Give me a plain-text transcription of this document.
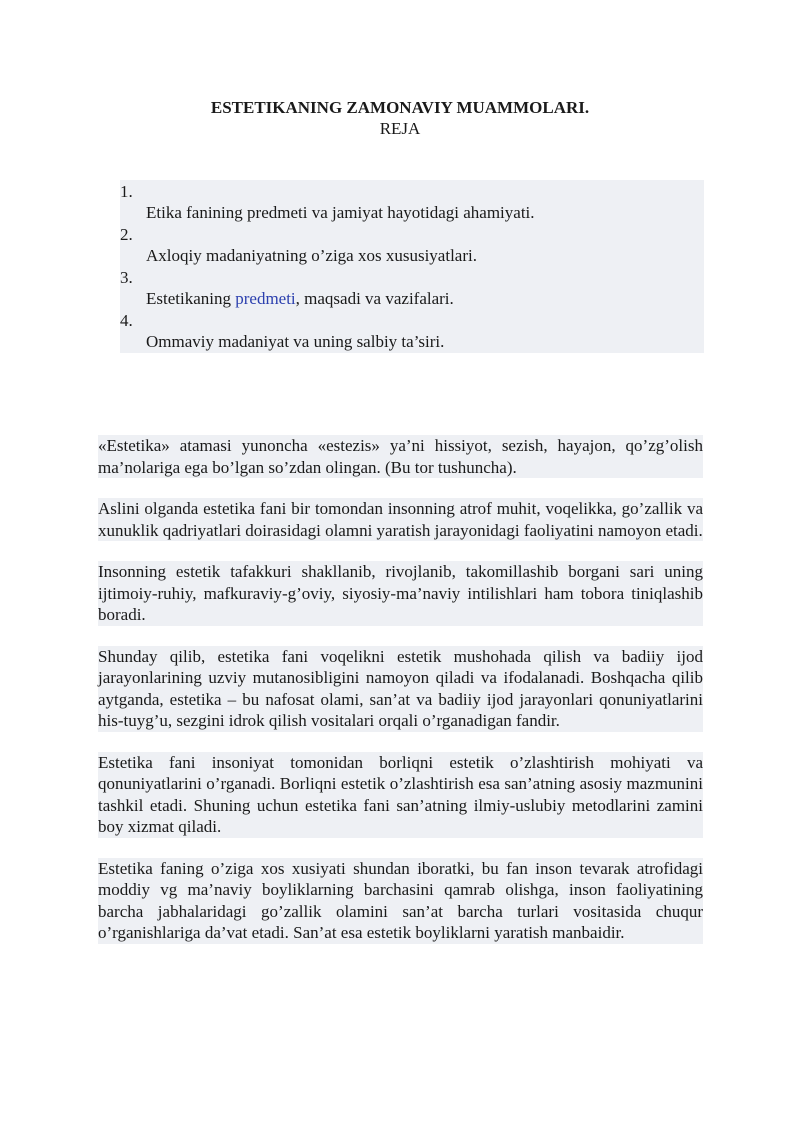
ESTETIKANING ZAMONAVIY MUAMMOLARI.
REJA
1.
Etika fanining predmeti va jamiyat hayotidagi ahamiyati.
2.
Axloqiy madaniyatning o’ziga xos xususiyatlari.
3.
Estetikaning predmeti, maqsadi va vazifalari.
4.
Ommaviy madaniyat va uning salbiy ta’siri.

«Estetika» atamasi yunoncha «estezis» ya’ni hissiyot, sezish, hayajon, qo’zg’olish ma’nolariga ega bo’lgan so’zdan olingan. (Bu tor tushuncha).

Aslini olganda estetika fani bir tomondan insonning atrof muhit, voqelikka, go’zallik va xunuklik qadriyatlari doirasidagi olamni yaratish jarayonidagi faoliyatini namoyon etadi.

Insonning estetik tafakkuri shakllanib, rivojlanib, takomillashib borgani sari uning ijtimoiy-ruhiy, mafkuraviy-g’oviy, siyosiy-ma’naviy intilishlari ham tobora tiniqlashib boradi.

Shunday qilib, estetika fani voqelikni estetik mushohada qilish va badiiy ijod jarayonlarining uzviy mutanosibligini namoyon qiladi va ifodalanadi. Boshqacha qilib aytganda, estetika – bu nafosat olami, san’at va badiiy ijod jarayonlari qonuniyatlarini his-tuyg’u, sezgini idrok qilish vositalari orqali o’rganadigan fandir.

Estetika fani insoniyat tomonidan borliqni estetik o’zlashtirish mohiyati va qonuniyatlarini o’rganadi. Borliqni estetik o’zlashtirish esa san’atning asosiy mazmunini tashkil etadi. Shuning uchun estetika fani san’atning ilmiy-uslubiy metodlarini zamini boy xizmat qiladi.

Estetika faning o’ziga xos xusiyati shundan iboratki, bu fan inson tevarak atrofidagi moddiy vg ma’naviy boyliklarning barchasini qamrab olishga, inson faoliyatining barcha jabhalaridagi go’zallik olamini san’at barcha turlari vositasida chuqur o’rganishlariga da’vat etadi. San’at esa estetik boyliklarni yaratish manbaidir.
